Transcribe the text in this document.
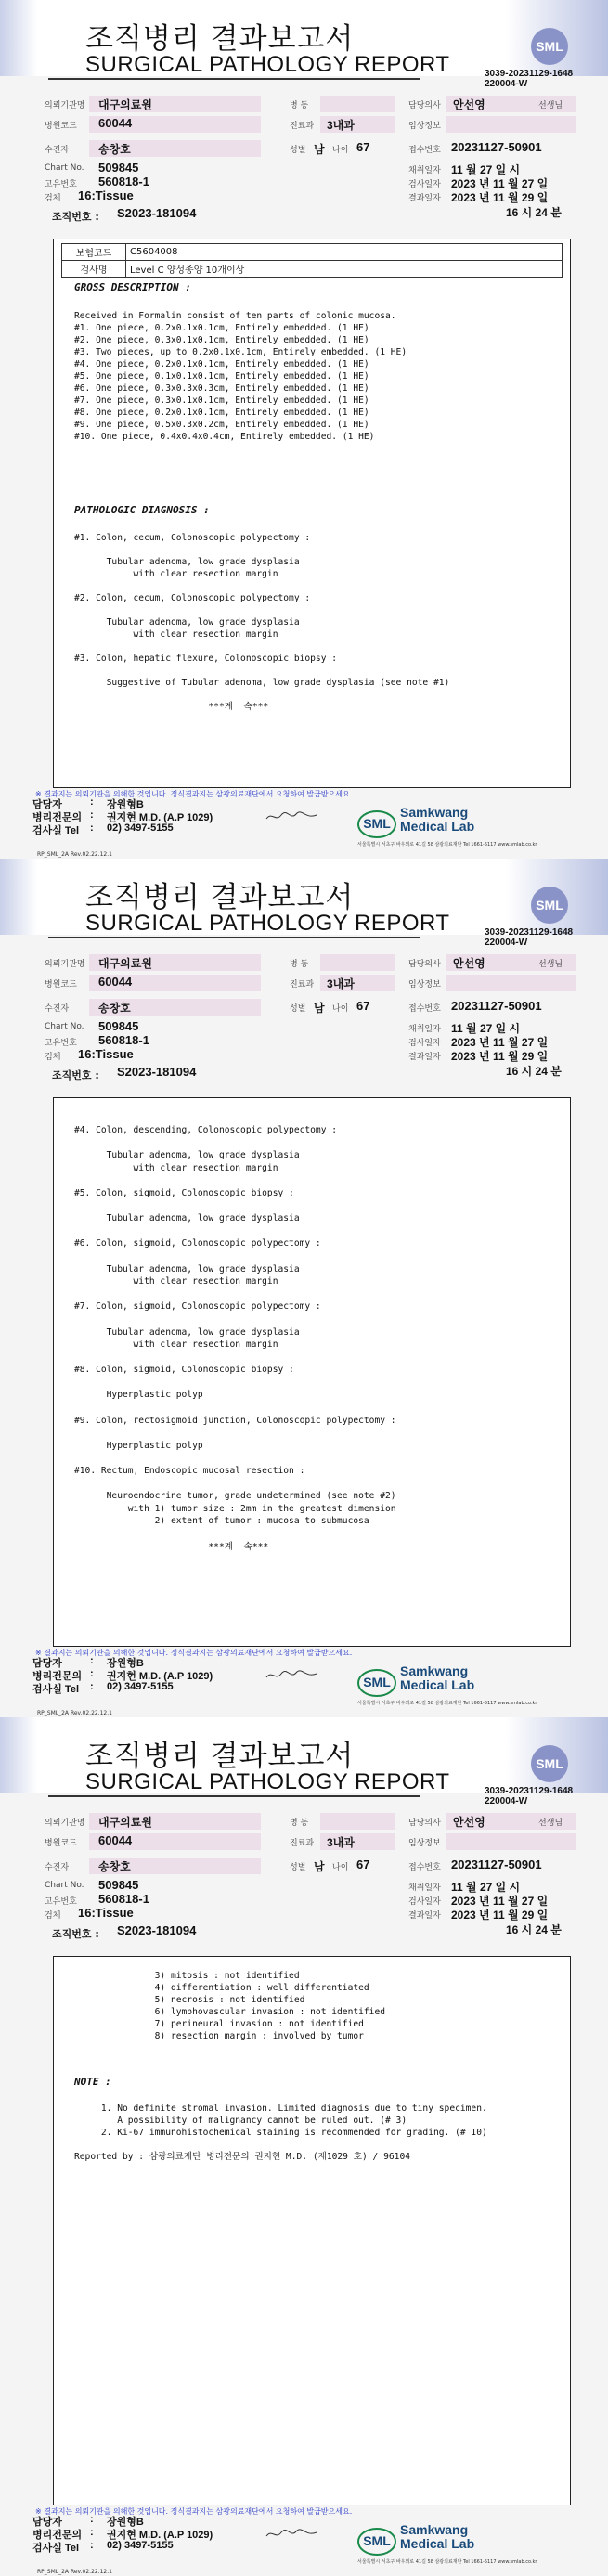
조직병리 결과보고서
SURGICAL PATHOLOGY REPORT
SML
3039-20231129-1648
220004-W
의뢰기관명 대구의료원	병 동	담당의사 안선영	선생님
병원코드 60044	진료과 3내과	임상정보
수진자	송창호	성별 남 나이 67	접수번호 20231127-50901
Chart No. 509845
고유번호 560818-1
검체 16:Tissue
조직번호 : S2023-181094
채취일자 11 월 27 일 시
검사일자 2023 년 11 월 27 일
결과일자 2023 년 11 월 29 일
16 시 24 분
보험코드	C5604008
검사명	Level C 양성종양 10개이상
GROSS DESCRIPTION :
Received in Formalin consist of ten parts of colonic mucosa.
#1. One piece, 0.2x0.1x0.1cm, Entirely embedded. (1 HE)
#2. One piece, 0.3x0.1x0.1cm, Entirely embedded. (1 HE)
#3. Two pieces, up to 0.2x0.1x0.1cm, Entirely embedded. (1 HE)
#4. One piece, 0.2x0.1x0.1cm, Entirely embedded. (1 HE)
#5. One piece, 0.1x0.1x0.1cm, Entirely embedded. (1 HE)
#6. One piece, 0.3x0.3x0.3cm, Entirely embedded. (1 HE)
#7. One piece, 0.3x0.1x0.1cm, Entirely embedded. (1 HE)
#8. One piece, 0.2x0.1x0.1cm, Entirely embedded. (1 HE)
#9. One piece, 0.5x0.3x0.2cm, Entirely embedded. (1 HE)
#10. One piece, 0.4x0.4x0.4cm, Entirely embedded. (1 HE)
PATHOLOGIC DIAGNOSIS :
#1. Colon, cecum, Colonoscopic polypectomy :

Tubular adenoma, low grade dysplasia
with clear resection margin

#2. Colon, cecum, Colonoscopic polypectomy :

Tubular adenoma, low grade dysplasia
with clear resection margin

#3. Colon, hepatic flexure, Colonoscopic biopsy :

Suggestive of Tubular adenoma, low grade dysplasia (see note #1)

***계  속***
※ 결과지는 의뢰기관을 의해한 것입니다. 정식결과지는 삼광의료재단에서 요청하여 발급받으세요.
담당자	: 장원형B
병리전문의 : 권지현 M.D. (A.P 1029)
검사실 Tel : 02) 3497-5155	SML
Samkwang
Medical Lab
서울특별시 서초구 바우뫼로 41길 58 삼광의료재단 Tel 1661-5117 www.smlab.co.kr
RP_SML_2A Rev.02.22.12.1
조직병리 결과보고서
SURGICAL PATHOLOGY REPORT
SML
3039-20231129-1648
220004-W
의뢰기관명 대구의료원	병 동	담당의사 안선영	선생님
병원코드 60044	진료과 3내과	임상정보
수진자	송창호	성별 남 나이 67	접수번호 20231127-50901
Chart No. 509845
고유번호 560818-1
검체 16:Tissue
조직번호 : S2023-181094
채취일자 11 월 27 일 시
검사일자 2023 년 11 월 27 일
결과일자 2023 년 11 월 29 일
16 시 24 분
#4. Colon, descending, Colonoscopic polypectomy :

Tubular adenoma, low grade dysplasia
with clear resection margin

#5. Colon, sigmoid, Colonoscopic biopsy :

Tubular adenoma, low grade dysplasia

#6. Colon, sigmoid, Colonoscopic polypectomy :

Tubular adenoma, low grade dysplasia
with clear resection margin

#7. Colon, sigmoid, Colonoscopic polypectomy :

Tubular adenoma, low grade dysplasia
with clear resection margin

#8. Colon, sigmoid, Colonoscopic biopsy :

Hyperplastic polyp

#9. Colon, rectosigmoid junction, Colonoscopic polypectomy :

Hyperplastic polyp

#10. Rectum, Endoscopic mucosal resection :

Neuroendocrine tumor, grade undetermined (see note #2)
with 1) tumor size : 2mm in the greatest dimension
2) extent of tumor : mucosa to submucosa

***계  속***
※ 결과지는 의뢰기관을 의해한 것입니다. 정식결과지는 삼광의료재단에서 요청하여 발급받으세요.
담당자	: 장원형B
병리전문의 : 권지현 M.D. (A.P 1029)
검사실 Tel : 02) 3497-5155	SML
Samkwang
Medical Lab
서울특별시 서초구 바우뫼로 41길 58 삼광의료재단 Tel 1661-5117 www.smlab.co.kr
RP_SML_2A Rev.02.22.12.1
조직병리 결과보고서
SURGICAL PATHOLOGY REPORT
SML
3039-20231129-1648
220004-W
의뢰기관명 대구의료원	병 동	담당의사 안선영	선생님
병원코드 60044	진료과 3내과	임상정보
수진자	송창호	성별 남 나이 67	접수번호 20231127-50901
Chart No. 509845
고유번호 560818-1
검체 16:Tissue
조직번호 : S2023-181094
채취일자 11 월 27 일 시
검사일자 2023 년 11 월 27 일
결과일자 2023 년 11 월 29 일
16 시 24 분
3) mitosis : not identified
4) differentiation : well differentiated
5) necrosis : not identified
6) lymphovascular invasion : not identified
7) perineural invasion : not identified
8) resection margin : involved by tumor
NOTE :
1. No definite stromal invasion. Limited diagnosis due to tiny specimen.
A possibility of malignancy cannot be ruled out. (# 3)
2. Ki-67 immunohistochemical staining is recommended for grading. (# 10)

Reported by : 삼광의료재단 병리전문의 권지현 M.D. (제1029 호) / 96104
※ 결과지는 의뢰기관을 의해한 것입니다. 정식결과지는 삼광의료재단에서 요청하여 발급받으세요.
담당자	: 장원형B
병리전문의 : 권지현 M.D. (A.P 1029)
검사실 Tel : 02) 3497-5155	SML
Samkwang
Medical Lab
서울특별시 서초구 바우뫼로 41길 58 삼광의료재단 Tel 1661-5117 www.smlab.co.kr
RP_SML_2A Rev.02.22.12.1
